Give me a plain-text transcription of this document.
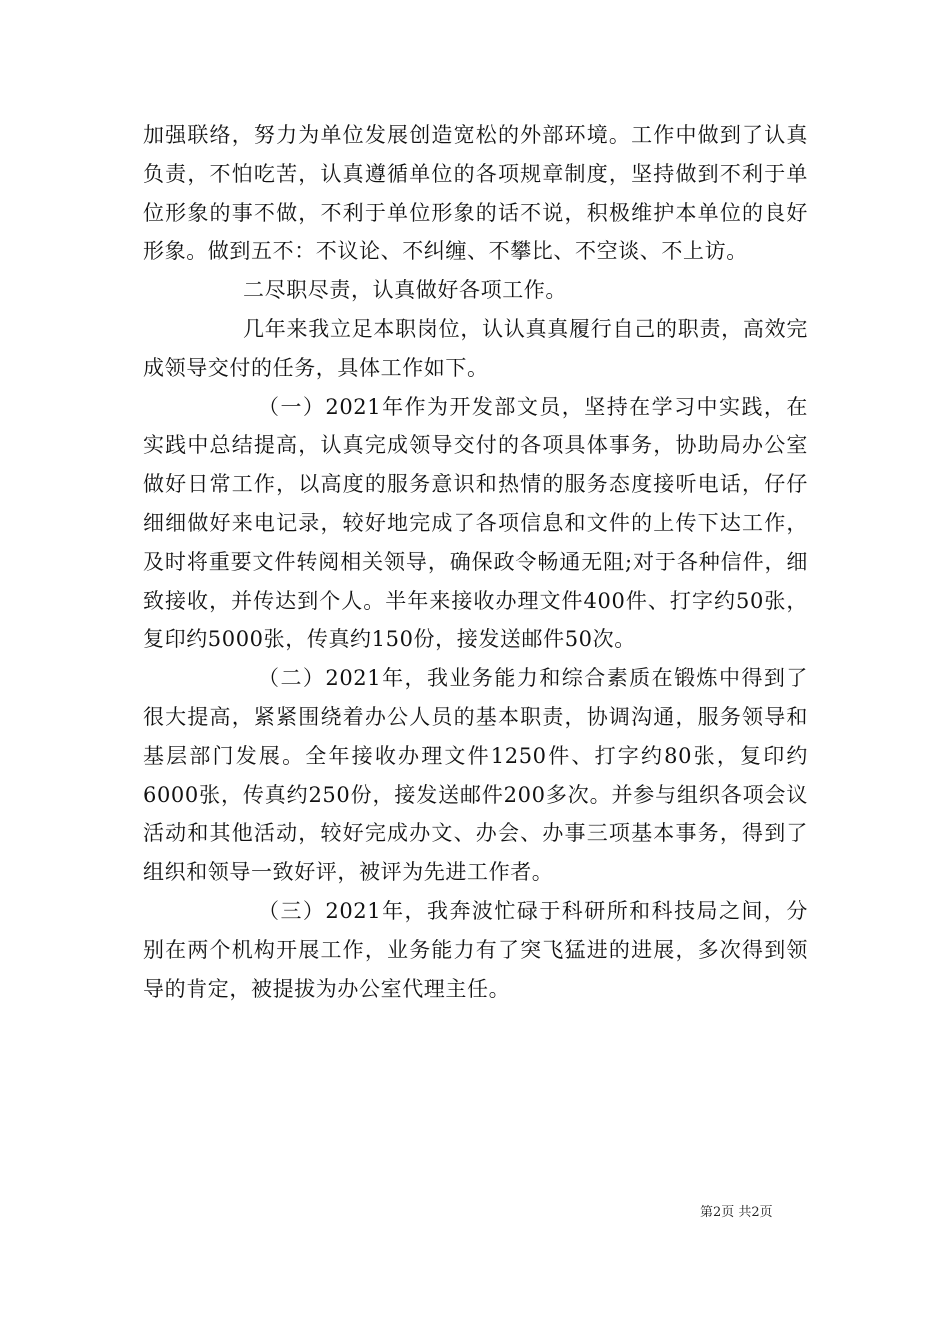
加强联络，努力为单位发展创造宽松的外部环境。工作中做到了认真负责，不怕吃苦，认真遵循单位的各项规章制度，坚持做到不利于单位形象的事不做，不利于单位形象的话不说，积极维护本单位的良好形象。做到五不：不议论、不纠缠、不攀比、不空谈、不上访。

二尽职尽责，认真做好各项工作。

几年来我立足本职岗位，认认真真履行自己的职责，高效完成领导交付的任务，具体工作如下。

（一）2021年作为开发部文员，坚持在学习中实践，在实践中总结提高，认真完成领导交付的各项具体事务，协助局办公室做好日常工作，以高度的服务意识和热情的服务态度接听电话，仔仔细细做好来电记录，较好地完成了各项信息和文件的上传下达工作，及时将重要文件转阅相关领导，确保政令畅通无阻;对于各种信件，细致接收，并传达到个人。半年来接收办理文件400件、打字约50张，复印约5000张，传真约150份，接发送邮件50次。

（二）2021年，我业务能力和综合素质在锻炼中得到了很大提高，紧紧围绕着办公人员的基本职责，协调沟通，服务领导和基层部门发展。全年接收办理文件1250件、打字约80张，复印约6000张，传真约250份，接发送邮件200多次。并参与组织各项会议活动和其他活动，较好完成办文、办会、办事三项基本事务，得到了组织和领导一致好评，被评为先进工作者。

（三）2021年，我奔波忙碌于科研所和科技局之间，分别在两个机构开展工作，业务能力有了突飞猛进的进展，多次得到领导的肯定，被提拔为办公室代理主任。

第2页 共2页
